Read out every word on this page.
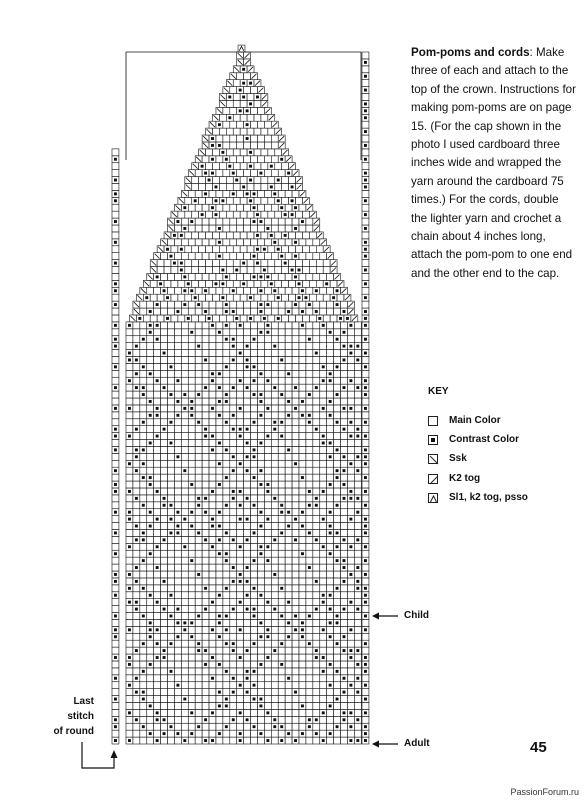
Pom-poms and cords: Make three of each and attach to the top of the crown. Instructions for making pom-poms are on page 15. (For the cap shown in the photo I used cardboard three inches wide and wrapped the yarn around the cardboard 75 times.) For the cords, double the lighter yarn and crochet a chain about 4 inches long, attach the pom-pom to one end and the other end to the cap.
KEY
Main Color
Contrast Color
Ssk
K2 tog
Sl1, k2 tog, psso
Child
Adult
Last
stitch
of round
45
PassionForum.ru
